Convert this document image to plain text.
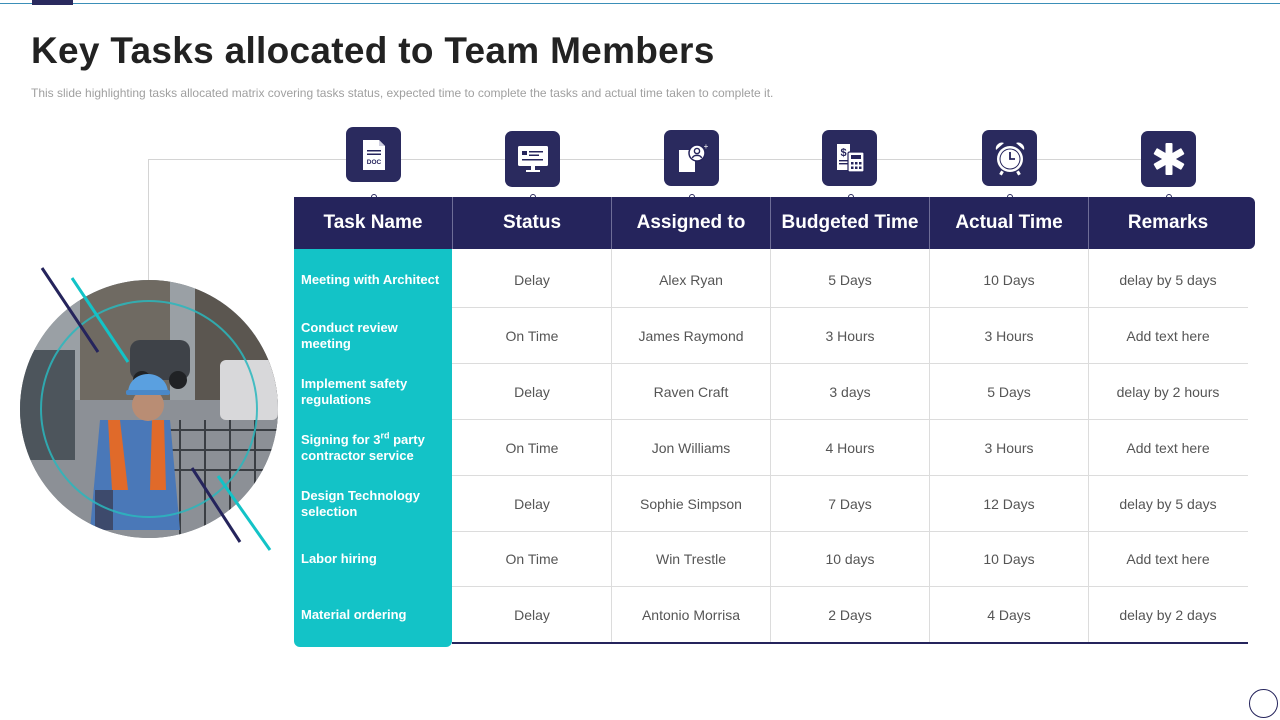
Key Tasks allocated to Team Members

This slide highlighting tasks allocated matrix covering tasks status, expected time to complete the tasks and actual time taken to complete it.

DOC
+
$
Task Name	Status	Assigned to	Budgeted Time	Actual Time	Remarks
Meeting with Architect	Delay	Alex Ryan	5 Days	10 Days	delay by 5 days
Conduct review meeting	On Time	James Raymond	3 Hours	3 Hours	Add text here
Implement safety regulations	Delay	Raven Craft	3 days	5 Days	delay by 2 hours
Signing for 3rd party contractor service	On Time	Jon Williams	4 Hours	3 Hours	Add text here
Design Technology selection	Delay	Sophie Simpson	7 Days	12 Days	delay by 5 days
Labor hiring	On Time	Win Trestle	10 days	10 Days	Add text here
Material ordering	Delay	Antonio Morrisa	2 Days	4 Days	delay by 2 days
